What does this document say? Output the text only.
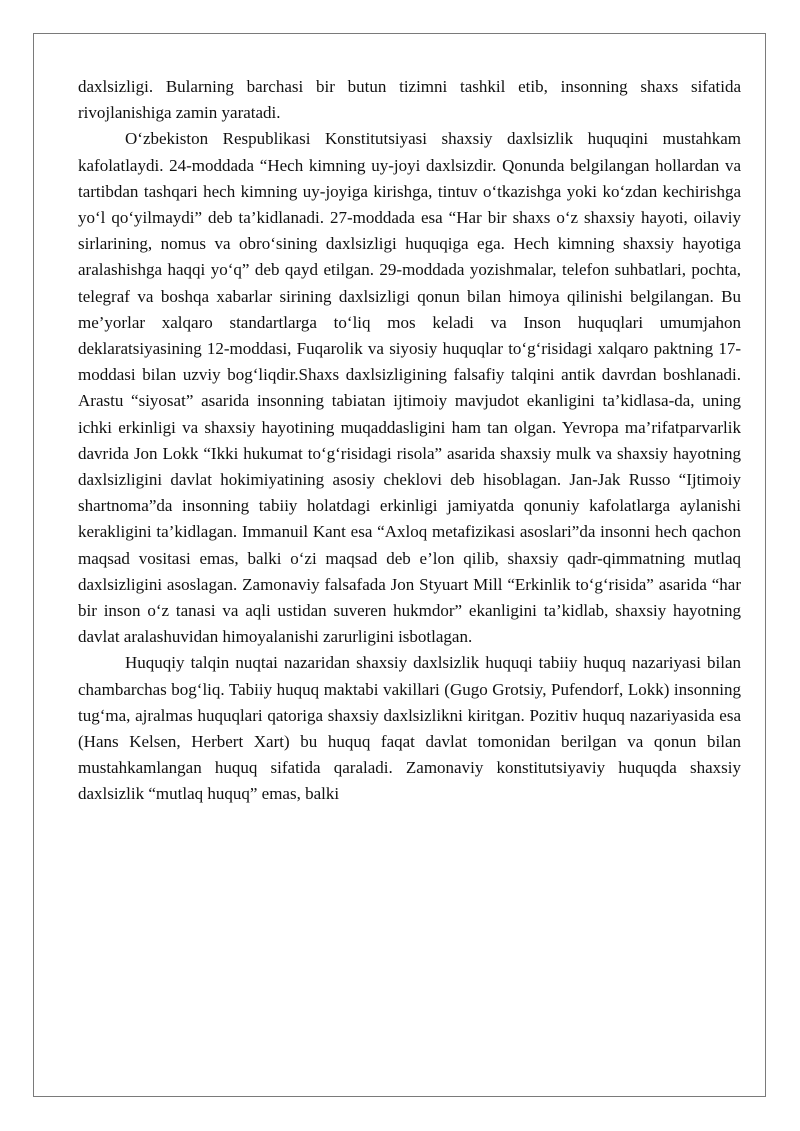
daxlsizligi. Bularning barchasi bir butun tizimni tashkil etib, insonning shaxs sifatida rivojlanishiga zamin yaratadi.

O‘zbekiston Respublikasi Konstitutsiyasi shaxsiy daxlsizlik huquqini mustahkam kafolatlaydi. 24-moddada “Hech kimning uy-joyi daxlsizdir. Qonunda belgilangan hollardan va tartibdan tashqari hech kimning uy-joyiga kirishga, tintuv o‘tkazishga yoki ko‘zdan kechirishga yo‘l qo‘yilmaydi” deb ta’kidlanadi. 27-moddada esa “Har bir shaxs o‘z shaxsiy hayoti, oilaviy sirlarining, nomus va obro‘sining daxlsizligi huquqiga ega. Hech kimning shaxsiy hayotiga aralashishga haqqi yo‘q” deb qayd etilgan. 29-moddada yozishmalar, telefon suhbatlari, pochta, telegraf va boshqa xabarlar sirining daxlsizligi qonun bilan himoya qilinishi belgilangan. Bu me’yorlar xalqaro standartlarga to‘liq mos keladi va Inson huquqlari umumjahon deklaratsiyasining 12-moddasi, Fuqarolik va siyosiy huquqlar to‘g‘risidagi xalqaro paktning 17-moddasi bilan uzviy bog‘liqdir.Shaxs daxlsizligining falsafiy talqini antik davrdan boshlanadi. Arastu “siyosat” asarida insonning tabiatan ijtimoiy mavjudot ekanligini ta’kidlasa-da, uning ichki erkinligi va shaxsiy hayotining muqaddasligini ham tan olgan. Yevropa ma’rifatparvarlik davrida Jon Lokk “Ikki hukumat to‘g‘risidagi risola” asarida shaxsiy mulk va shaxsiy hayotning daxlsizligini davlat hokimiyatining asosiy cheklovi deb hisoblagan. Jan-Jak Russo “Ijtimoiy shartnoma”da insonning tabiiy holatdagi erkinligi jamiyatda qonuniy kafolatlarga aylanishi kerakligini ta’kidlagan. Immanuil Kant esa “Axloq metafizikasi asoslari”da insonni hech qachon maqsad vositasi emas, balki o‘zi maqsad deb e’lon qilib, shaxsiy qadr-qimmatning mutlaq daxlsizligini asoslagan. Zamonaviy falsafada Jon Styuart Mill “Erkinlik to‘g‘risida” asarida “har bir inson o‘z tanasi va aqli ustidan suveren hukmdor” ekanligini ta’kidlab, shaxsiy hayotning davlat aralashuvidan himoyalanishi zarurligini isbotlagan.

Huquqiy talqin nuqtai nazaridan shaxsiy daxlsizlik huquqi tabiiy huquq nazariyasi bilan chambarchas bog‘liq. Tabiiy huquq maktabi vakillari (Gugo Grotsiy, Pufendorf, Lokk) insonning tug‘ma, ajralmas huquqlari qatoriga shaxsiy daxlsizlikni kiritgan. Pozitiv huquq nazariyasida esa (Hans Kelsen, Herbert Xart) bu huquq faqat davlat tomonidan berilgan va qonun bilan mustahkamlangan huquq sifatida qaraladi. Zamonaviy konstitutsiyaviy huquqda shaxsiy daxlsizlik “mutlaq huquq” emas, balki
